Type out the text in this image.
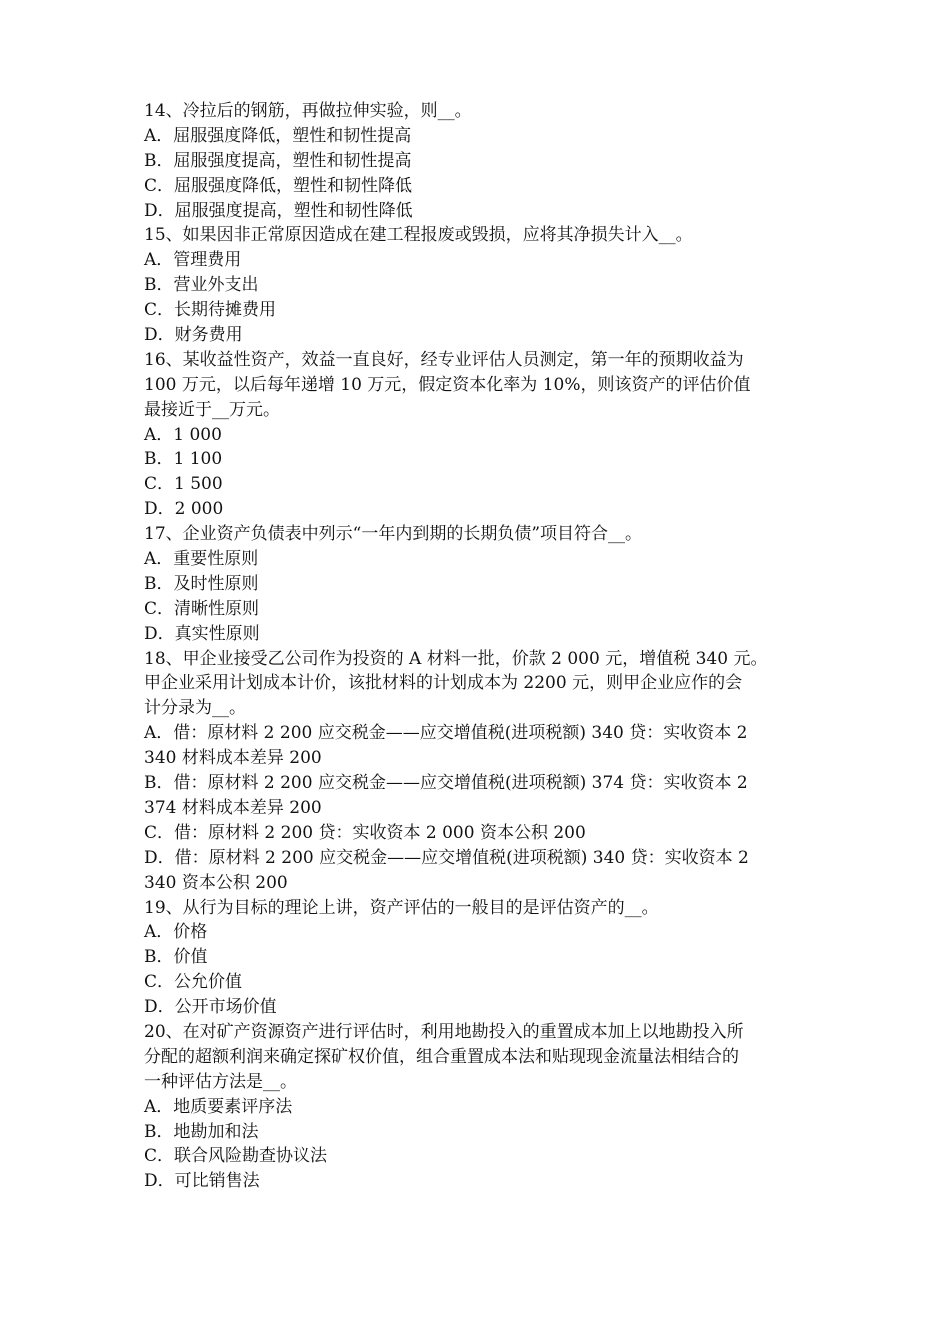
14、冷拉后的钢筋，再做拉伸实验，则__。
A．屈服强度降低，塑性和韧性提高
B．屈服强度提高，塑性和韧性提高
C．屈服强度降低，塑性和韧性降低
D．屈服强度提高，塑性和韧性降低
15、如果因非正常原因造成在建工程报废或毁损，应将其净损失计入__。
A．管理费用
B．营业外支出
C．长期待摊费用
D．财务费用
16、某收益性资产，效益一直良好，经专业评估人员测定，第一年的预期收益为
100 万元，以后每年递增 10 万元，假定资本化率为 10%，则该资产的评估价值
最接近于__万元。
A．1 000
B．1 100
C．1 500
D．2 000
17、企业资产负债表中列示“一年内到期的长期负债”项目符合__。
A．重要性原则
B．及时性原则
C．清晰性原则
D．真实性原则
18、甲企业接受乙公司作为投资的 A 材料一批，价款 2 000 元，增值税 340 元。
甲企业采用计划成本计价，该批材料的计划成本为 2200 元，则甲企业应作的会
计分录为__。
A．借：原材料 2 200 应交税金——应交增值税(进项税额) 340 贷：实收资本 2
340 材料成本差异 200
B．借：原材料 2 200 应交税金——应交增值税(进项税额) 374 贷：实收资本 2
374 材料成本差异 200
C．借：原材料 2 200 贷：实收资本 2 000 资本公积 200
D．借：原材料 2 200 应交税金——应交增值税(进项税额) 340 贷：实收资本 2
340 资本公积 200
19、从行为目标的理论上讲，资产评估的一般目的是评估资产的__。
A．价格
B．价值
C．公允价值
D．公开市场价值
20、在对矿产资源资产进行评估时，利用地勘投入的重置成本加上以地勘投入所
分配的超额利润来确定探矿权价值，组合重置成本法和贴现现金流量法相结合的
一种评估方法是__。
A．地质要素评序法
B．地勘加和法
C．联合风险勘查协议法
D．可比销售法
